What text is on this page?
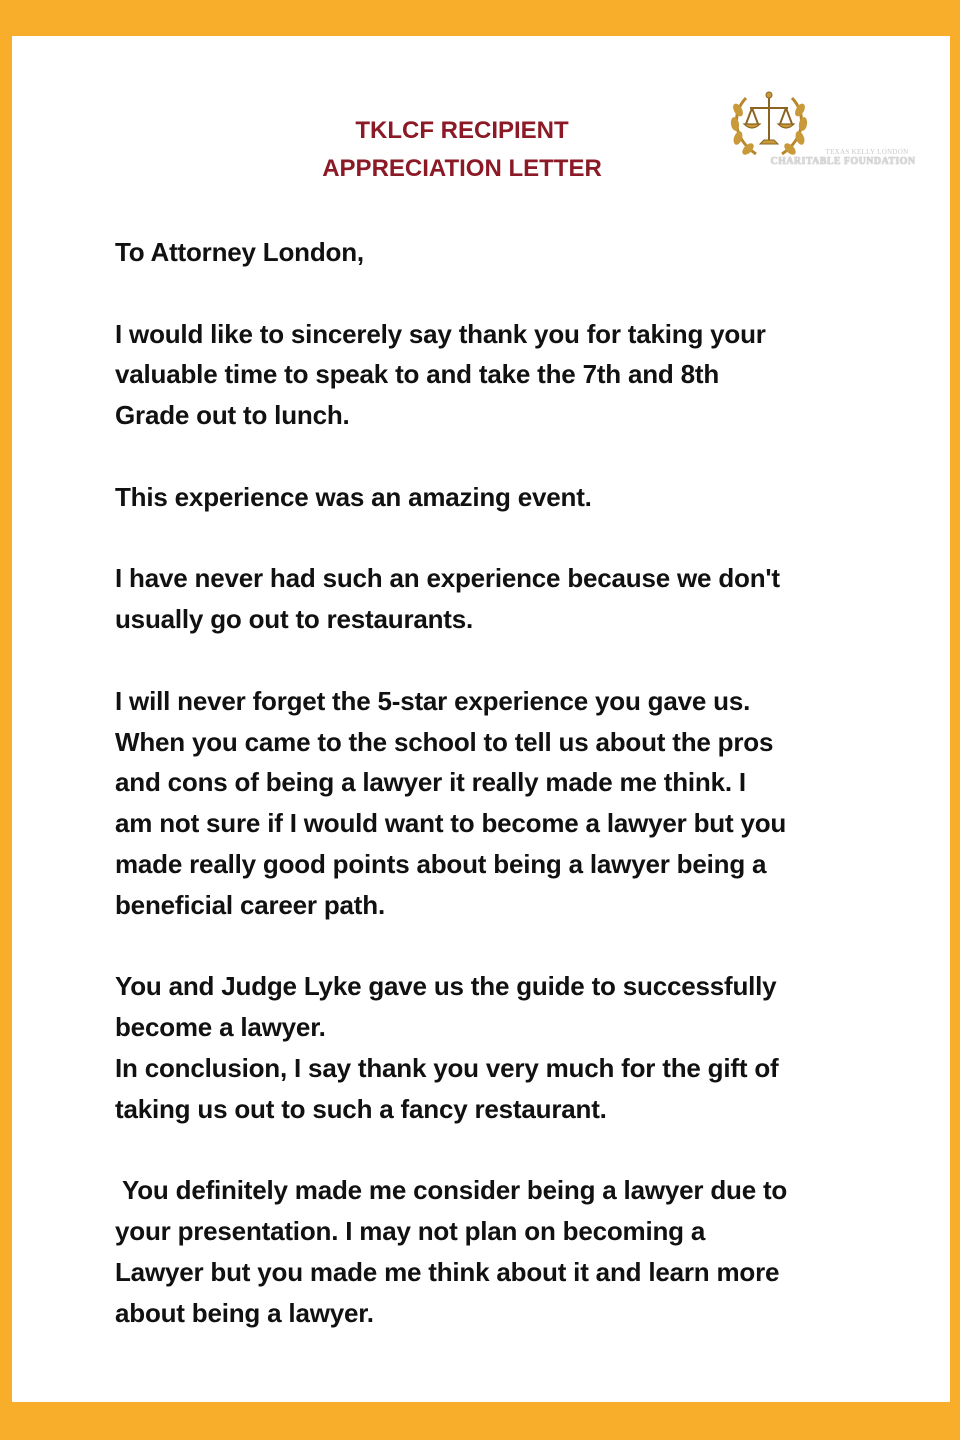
TKLCF RECIPIENT
APPRECIATION LETTER
TEXAS KELLY LONDON
CHARITABLE FOUNDATION

To Attorney London,

I would like to sincerely say thank you for taking your
valuable time to speak to and take the 7th and 8th
Grade out to lunch.

This experience was an amazing event.

I have never had such an experience because we don't
usually go out to restaurants.

I will never forget the 5-star experience you gave us.
When you came to the school to tell us about the pros
and cons of being a lawyer it really made me think. I
am not sure if I would want to become a lawyer but you
made really good points about being a lawyer being a
beneficial career path.

You and Judge Lyke gave us the guide to successfully
become a lawyer.
In conclusion, I say thank you very much for the gift of
taking us out to such a fancy restaurant.

You definitely made me consider being a lawyer due to
your presentation. I may not plan on becoming a
Lawyer but you made me think about it and learn more
about being a lawyer.
